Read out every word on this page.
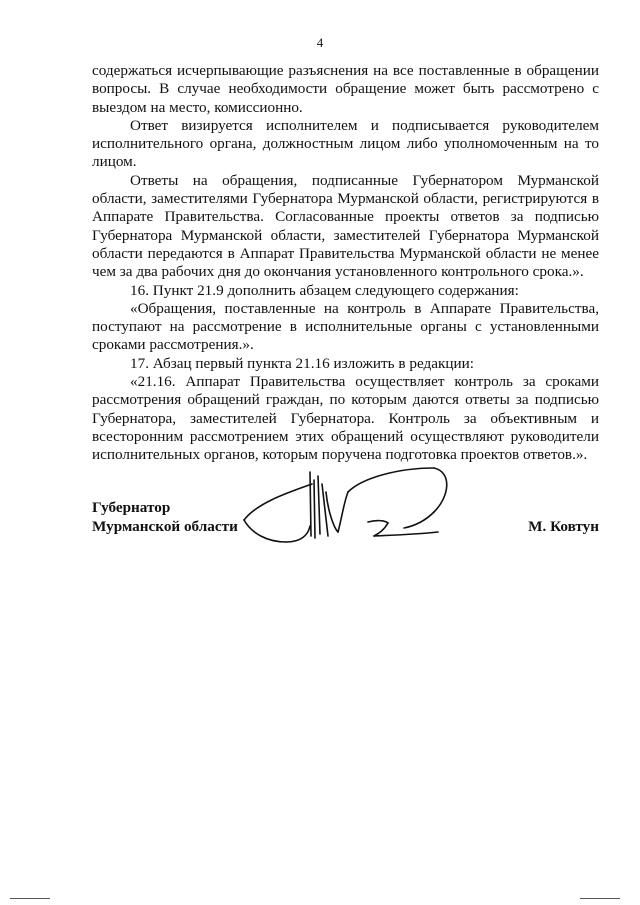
4

содержаться исчерпывающие разъяснения на все поставленные в обращении вопросы. В случае необходимости обращение может быть рассмотрено с выездом на место, комиссионно.

Ответ визируется исполнителем и подписывается руководителем исполнительного органа, должностным лицом либо уполномоченным на то лицом.

Ответы на обращения, подписанные Губернатором Мурманской области, заместителями Губернатора Мурманской области, регистрируются в Аппарате Правительства. Согласованные проекты ответов за подписью Губернатора Мурманской области, заместителей Губернатора Мурманской области передаются в Аппарат Правительства Мурманской области не менее чем за два рабочих дня до окончания установленного контрольного срока.».

16. Пункт 21.9 дополнить абзацем следующего содержания:

«Обращения, поставленные на контроль в Аппарате Правительства, поступают на рассмотрение в исполнительные органы с установленными сроками рассмотрения.».

17. Абзац первый пункта 21.16 изложить в редакции:

«21.16. Аппарат Правительства осуществляет контроль за сроками рассмотрения обращений граждан, по которым даются ответы за подписью Губернатора, заместителей Губернатора. Контроль за объективным и всесторонним рассмотрением этих обращений осуществляют руководители исполнительных органов, которым поручена подготовка проектов ответов.».

Губернатор
Мурманской области	М. Ковтун
